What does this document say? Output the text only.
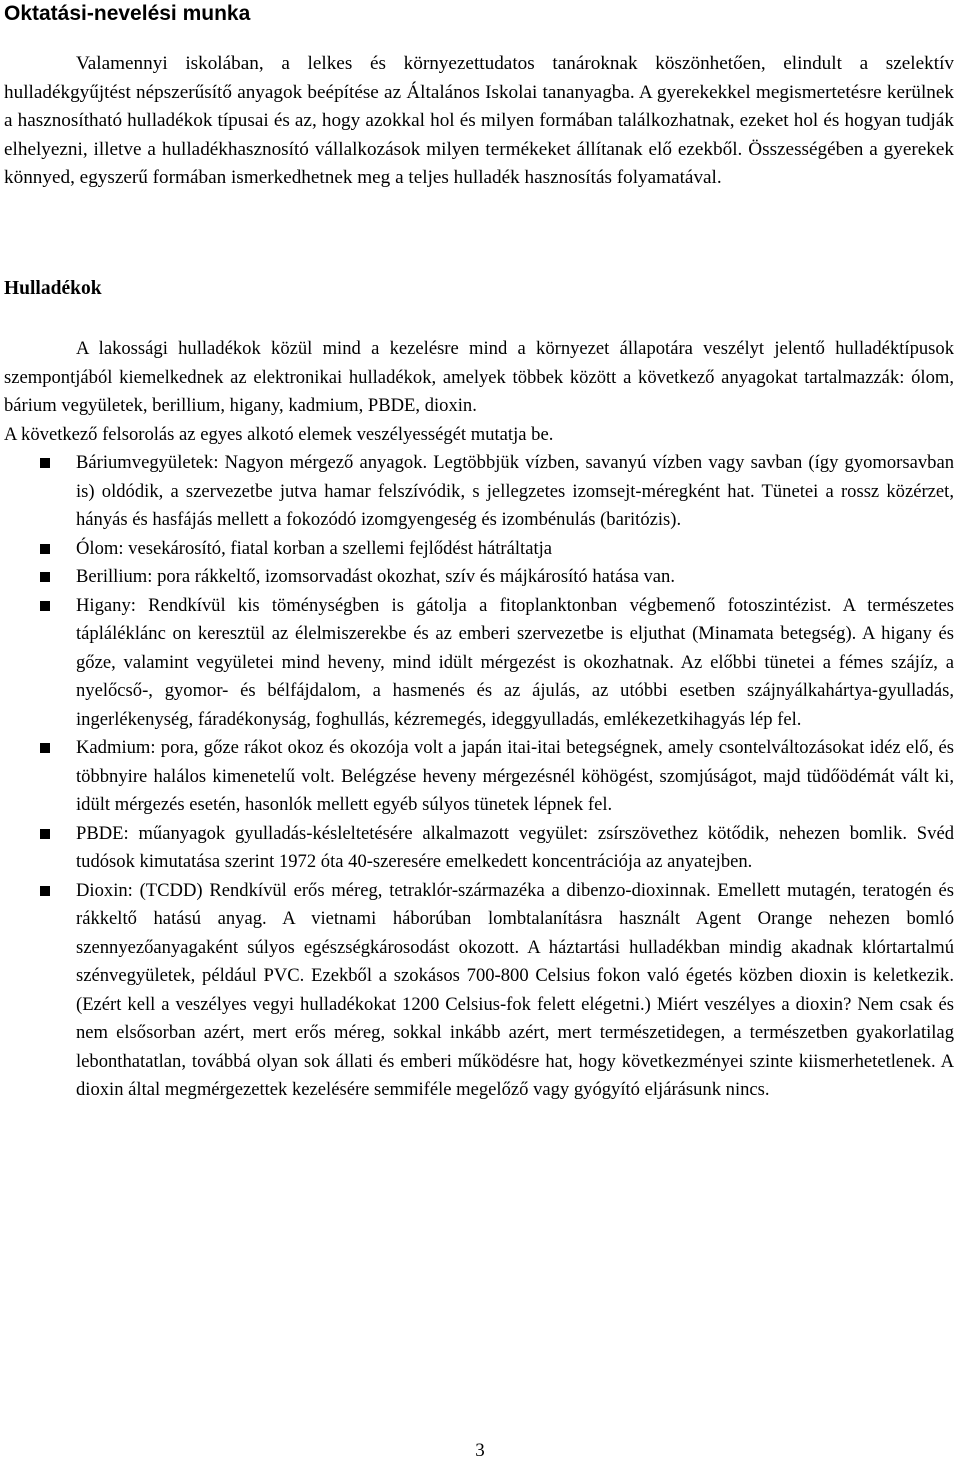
Oktatási-nevelési munka

Valamennyi iskolában, a lelkes és környezettudatos tanároknak köszönhetően, elindult a szelektív hulladékgyűjtést népszerűsítő anyagok beépítése az Általános Iskolai tananyagba. A gyerekekkel megismertetésre kerülnek a hasznosítható hulladékok típusai és az, hogy azokkal hol és milyen formában találkozhatnak, ezeket hol és hogyan tudják elhelyezni, illetve a hulladékhasznosító vállalkozások milyen termékeket állítanak elő ezekből. Összességében a gyerekek könnyed, egyszerű formában ismerkedhetnek meg a teljes hulladék hasznosítás folyamatával.

Hulladékok

A lakossági hulladékok közül mind a kezelésre mind a környezet állapotára veszélyt jelentő hulladéktípusok szempontjából kiemelkednek az elektronikai hulladékok, amelyek többek között a következő anyagokat tartalmazzák: ólom, bárium vegyületek, berillium, higany, kadmium, PBDE, dioxin.

A következő felsorolás az egyes alkotó elemek veszélyességét mutatja be.

Báriumvegyületek: Nagyon mérgező anyagok. Legtöbbjük vízben, savanyú vízben vagy savban (így gyomorsavban is) oldódik, a szervezetbe jutva hamar felszívódik, s jellegzetes izomsejt-méregként hat. Tünetei a rossz közérzet, hányás és hasfájás mellett a fokozódó izomgyengeség és izombénulás (baritózis).
Ólom: vesekárosító, fiatal korban a szellemi fejlődést hátráltatja
Berillium: pora rákkeltő, izomsorvadást okozhat, szív és májkárosító hatása van.
Higany: Rendkívül kis töménységben is gátolja a fitoplanktonban végbemenő fotoszintézist. A természetes tápláléklánc on keresztül az élelmiszerekbe és az emberi szervezetbe is eljuthat (Minamata betegség). A higany és gőze, valamint vegyületei mind heveny, mind idült mérgezést is okozhatnak. Az előbbi tünetei a fémes szájíz, a nyelőcső-, gyomor- és bélfájdalom, a hasmenés és az ájulás, az utóbbi esetben szájnyálkahártya-gyulladás, ingerlékenység, fáradékonyság, foghullás, kézremegés, ideggyulladás, emlékezetkihagyás lép fel.
Kadmium: pora, gőze rákot okoz és okozója volt a japán itai-itai betegségnek, amely csontelváltozásokat idéz elő, és többnyire halálos kimenetelű volt. Belégzése heveny mérgezésnél köhögést, szomjúságot, majd tüdőödémát vált ki, idült mérgezés esetén, hasonlók mellett egyéb súlyos tünetek lépnek fel.
PBDE: műanyagok gyulladás-késleltetésére alkalmazott vegyület: zsírszövethez kötődik, nehezen bomlik. Svéd tudósok kimutatása szerint 1972 óta 40-szeresére emelkedett koncentrációja az anyatejben.
Dioxin: (TCDD) Rendkívül erős méreg, tetraklór-származéka a dibenzo-dioxinnak. Emellett mutagén, teratogén és rákkeltő hatású anyag. A vietnami háborúban lombtalanításra használt Agent Orange nehezen bomló szennyezőanyagaként súlyos egészségkárosodást okozott. A háztartási hulladékban mindig akadnak klórtartalmú szénvegyületek, például PVC. Ezekből a szokásos 700-800 Celsius fokon való égetés közben dioxin is keletkezik. (Ezért kell a veszélyes vegyi hulladékokat 1200 Celsius-fok felett elégetni.) Miért veszélyes a dioxin? Nem csak és nem elsősorban azért, mert erős méreg, sokkal inkább azért, mert természetidegen, a természetben gyakorlatilag lebonthatatlan, továbbá olyan sok állati és emberi működésre hat, hogy következményei szinte kiismerhetetlenek. A dioxin által megmérgezettek kezelésére semmiféle megelőző vagy gyógyító eljárásunk nincs.
3
